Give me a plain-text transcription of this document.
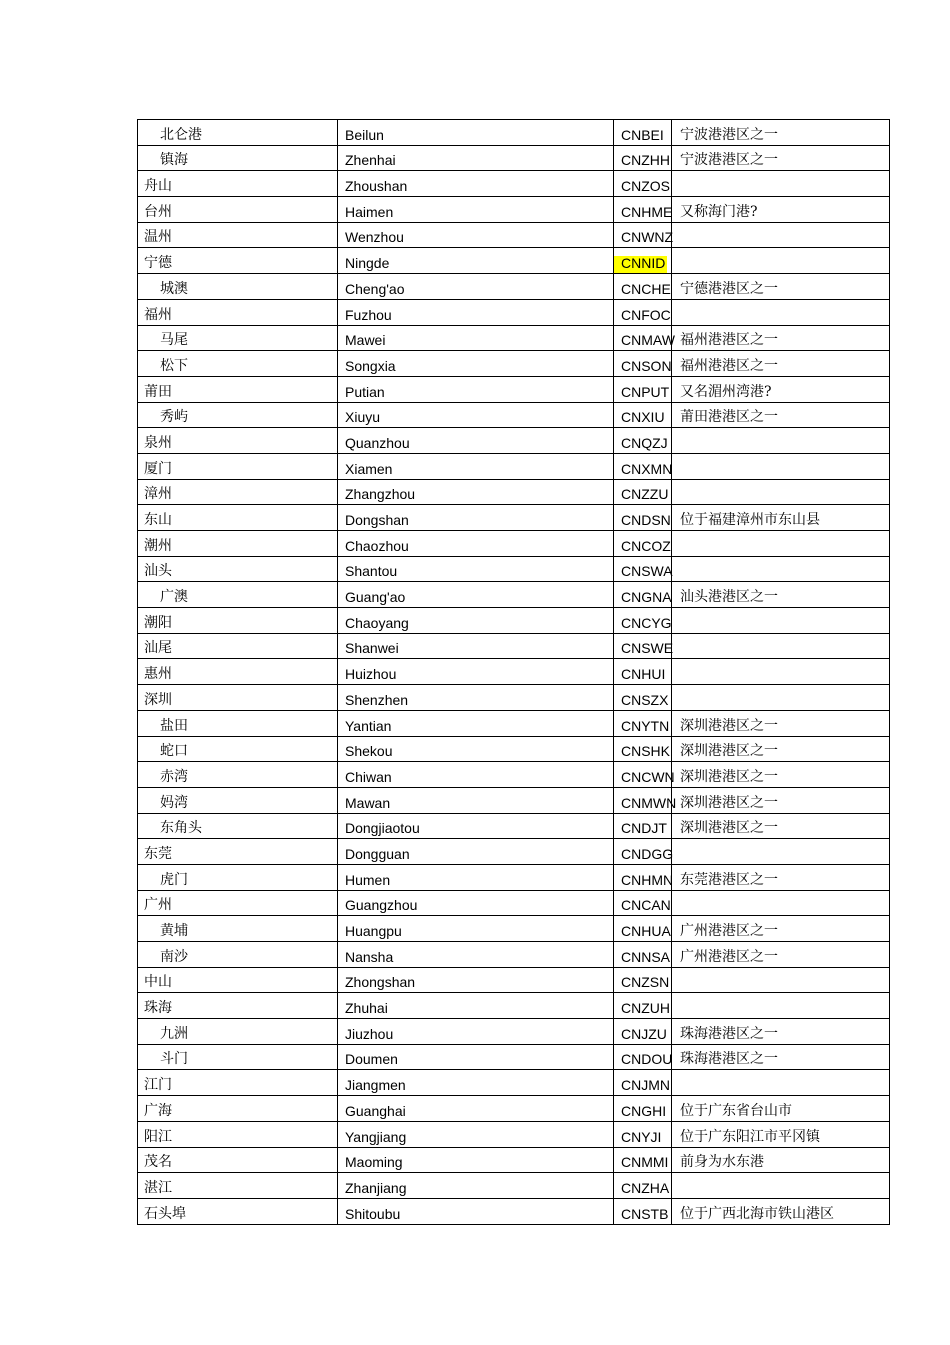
北仑港	Beilun	CNBEI	宁波港港区之一
镇海	Zhenhai	CNZHH	宁波港港区之一
舟山	Zhoushan	CNZOS	
台州	Haimen	CNHME	又称海门港?
温州	Wenzhou	CNWNZ	
宁德	Ningde	CNNID	
城澳	Cheng'ao	CNCHE	宁德港港区之一
福州	Fuzhou	CNFOC	
马尾	Mawei	CNMAW	福州港港区之一
松下	Songxia	CNSON	福州港港区之一
莆田	Putian	CNPUT	又名湄州湾港?
秀屿	Xiuyu	CNXIU	莆田港港区之一
泉州	Quanzhou	CNQZJ	
厦门	Xiamen	CNXMN	
漳州	Zhangzhou	CNZZU	
东山	Dongshan	CNDSN	位于福建漳州市东山县
潮州	Chaozhou	CNCOZ	
汕头	Shantou	CNSWA	
广澳	Guang'ao	CNGNA	汕头港港区之一
潮阳	Chaoyang	CNCYG	
汕尾	Shanwei	CNSWE	
惠州	Huizhou	CNHUI	
深圳	Shenzhen	CNSZX	
盐田	Yantian	CNYTN	深圳港港区之一
蛇口	Shekou	CNSHK	深圳港港区之一
赤湾	Chiwan	CNCWN	深圳港港区之一
妈湾	Mawan	CNMWN	深圳港港区之一
东角头	Dongjiaotou	CNDJT	深圳港港区之一
东莞	Dongguan	CNDGG	
虎门	Humen	CNHMN	东莞港港区之一
广州	Guangzhou	CNCAN	
黄埔	Huangpu	CNHUA	广州港港区之一
南沙	Nansha	CNNSA	广州港港区之一
中山	Zhongshan	CNZSN	
珠海	Zhuhai	CNZUH	
九洲	Jiuzhou	CNJZU	珠海港港区之一
斗门	Doumen	CNDOU	珠海港港区之一
江门	Jiangmen	CNJMN	
广海	Guanghai	CNGHI	位于广东省台山市
阳江	Yangjiang	CNYJI	位于广东阳江市平冈镇
茂名	Maoming	CNMMI	前身为水东港
湛江	Zhanjiang	CNZHA	
石头埠	Shitoubu	CNSTB	位于广西北海市铁山港区
